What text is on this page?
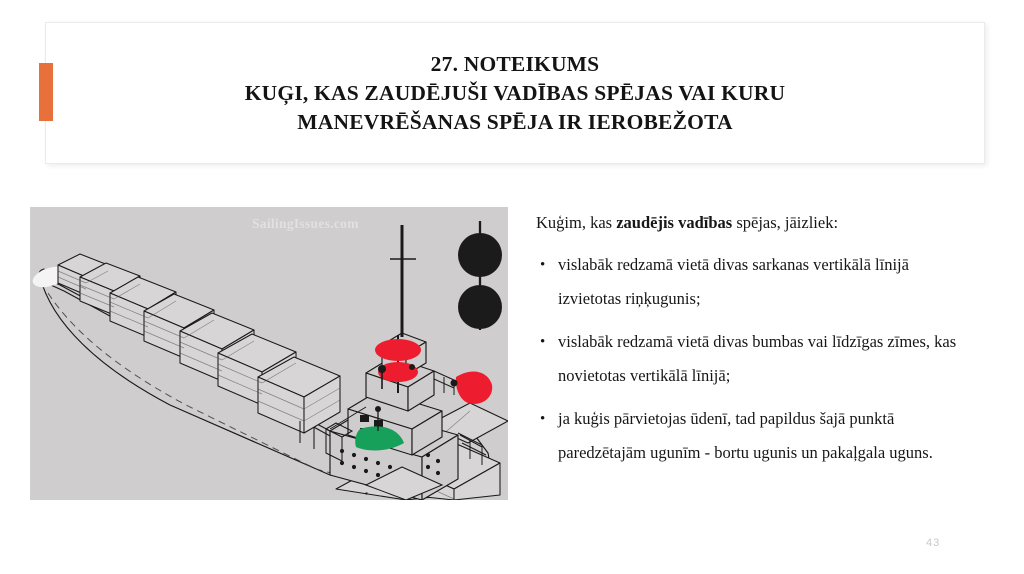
27. NOTEIKUMS
KUĢI, KAS ZAUDĒJUŠI VADĪBAS SPĒJAS VAI KURU
MANEVRĒŠANAS SPĒJA IR IEROBEŽOTA
SailingIssues.com	Kuģim, kas zaudējis vadības spējas, jāizliek:

• vislabāk redzamā vietā divas sarkanas vertikālā līnijā izvietotas riņķugunis;
• vislabāk redzamā vietā divas bumbas vai līdzīgas zīmes, kas novietotas vertikālā līnijā;
• ja kuģis pārvietojas ūdenī, tad papildus šajā punktā paredzētajām ugunīm - bortu ugunis un pakaļgala uguns.
43
